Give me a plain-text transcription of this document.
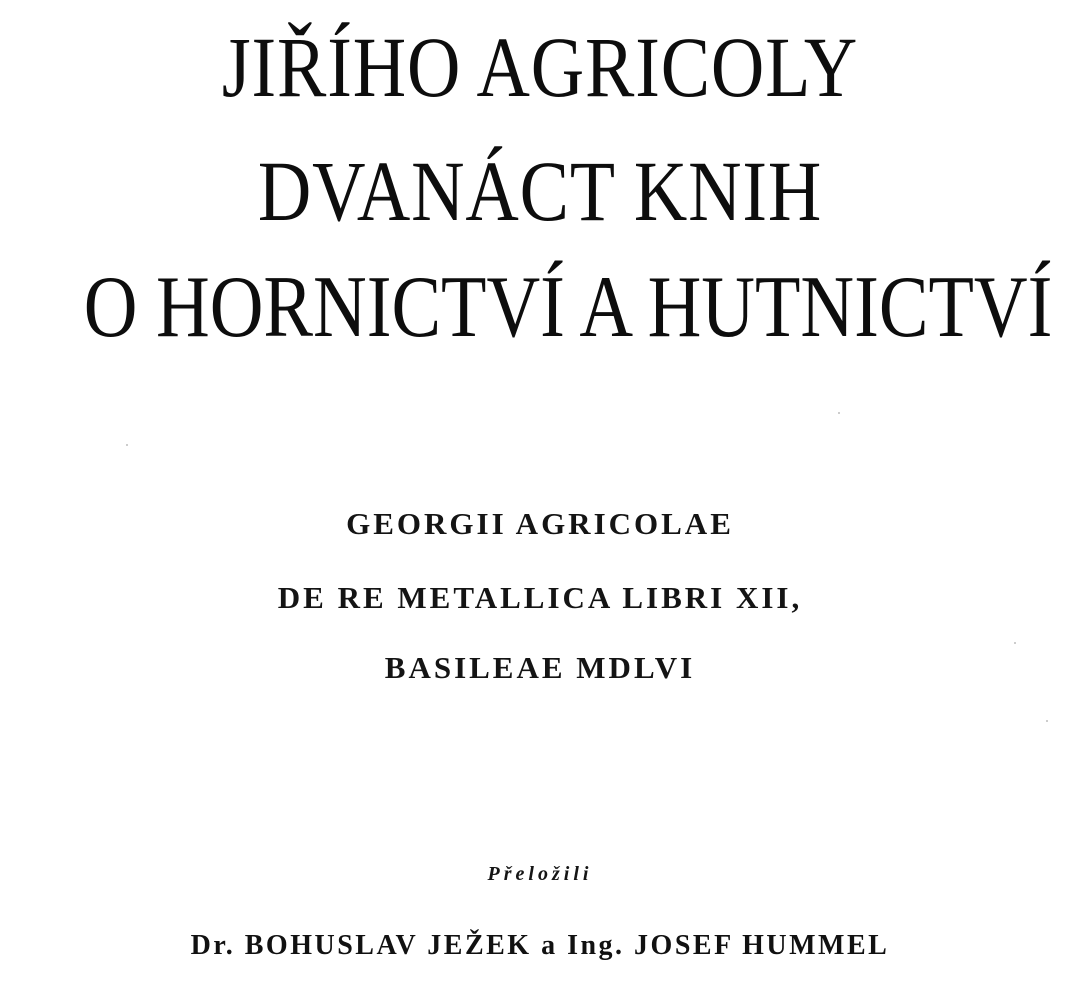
JIŘÍHO AGRICOLY
DVANÁCT KNIH
O HORNICTVÍ A HUTNICTVÍ

GEORGII AGRICOLAE

DE RE METALLICA LIBRI XII,

BASILEAE MDLVI

Přeložili

Dr. BOHUSLAV JEŽEK a Ing. JOSEF HUMMEL
